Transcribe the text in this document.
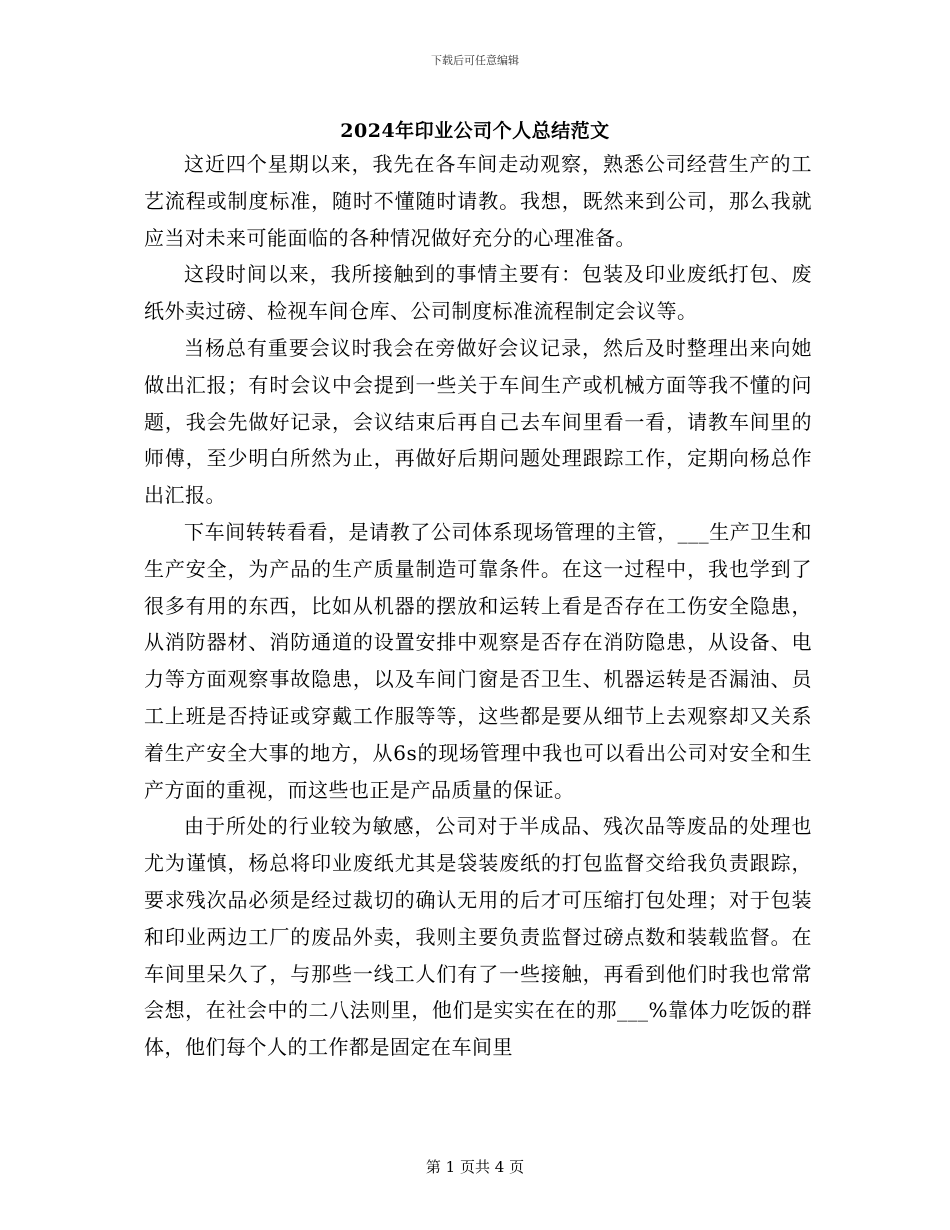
下载后可任意编辑
2024年印业公司个人总结范文

这近四个星期以来，我先在各车间走动观察，熟悉公司经营生产的工艺流程或制度标准，随时不懂随时请教。我想，既然来到公司，那么我就应当对未来可能面临的各种情况做好充分的心理准备。

这段时间以来，我所接触到的事情主要有：包装及印业废纸打包、废纸外卖过磅、检视车间仓库、公司制度标准流程制定会议等。

当杨总有重要会议时我会在旁做好会议记录，然后及时整理出来向她做出汇报；有时会议中会提到一些关于车间生产或机械方面等我不懂的问题，我会先做好记录，会议结束后再自己去车间里看一看，请教车间里的师傅，至少明白所然为止，再做好后期问题处理跟踪工作，定期向杨总作出汇报。

下车间转转看看，是请教了公司体系现场管理的主管，___生产卫生和生产安全，为产品的生产质量制造可靠条件。在这一过程中，我也学到了很多有用的东西，比如从机器的摆放和运转上看是否存在工伤安全隐患，从消防器材、消防通道的设置安排中观察是否存在消防隐患，从设备、电力等方面观察事故隐患，以及车间门窗是否卫生、机器运转是否漏油、员工上班是否持证或穿戴工作服等等，这些都是要从细节上去观察却又关系着生产安全大事的地方，从6s的现场管理中我也可以看出公司对安全和生产方面的重视，而这些也正是产品质量的保证。

由于所处的行业较为敏感，公司对于半成品、残次品等废品的处理也尤为谨慎，杨总将印业废纸尤其是袋装废纸的打包监督交给我负责跟踪，要求残次品必须是经过裁切的确认无用的后才可压缩打包处理；对于包装和印业两边工厂的废品外卖，我则主要负责监督过磅点数和装载监督。在车间里呆久了，与那些一线工人们有了一些接触，再看到他们时我也常常会想，在社会中的二八法则里，他们是实实在在的那___%靠体力吃饭的群体，他们每个人的工作都是固定在车间里

第 1 页共 4 页
